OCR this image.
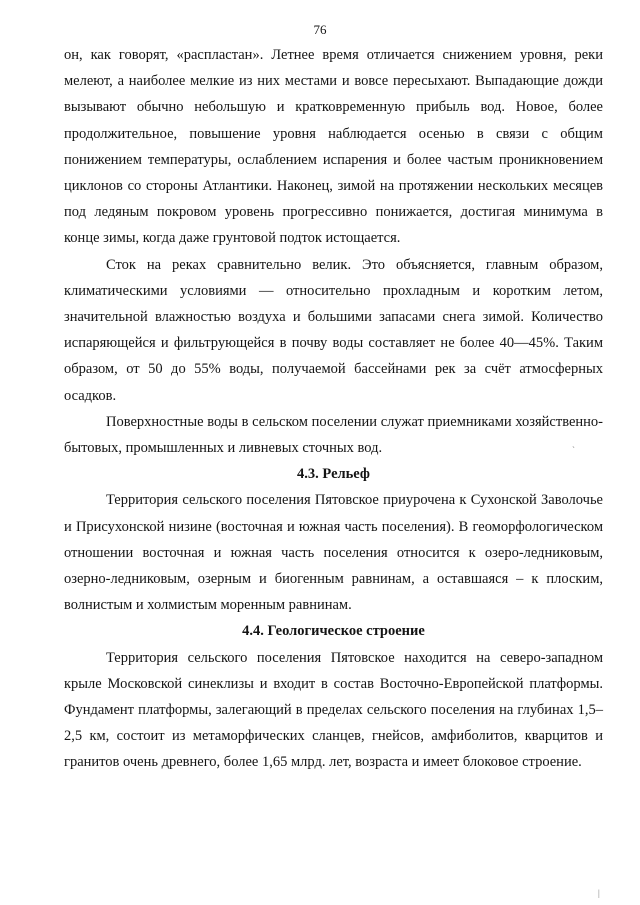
76

он, как говорят, «распластан». Летнее время отличается снижением уровня, реки мелеют, а наиболее мелкие из них местами и вовсе пересыхают. Выпадающие дожди вызывают обычно небольшую и кратковременную прибыль вод. Новое, более продолжительное, повышение уровня наблюдается осенью в связи с общим понижением температуры, ослаблением испарения и более частым проникновением циклонов со стороны Атлантики. Наконец, зимой на протяжении нескольких месяцев под ледяным покровом уровень прогрессивно понижается, достигая минимума в конце зимы, когда даже грунтовой подток истощается.

Сток на реках сравнительно велик. Это объясняется, главным образом, климатическими условиями — относительно прохладным и коротким летом, значительной влажностью воздуха и большими запасами снега зимой. Количество испаряющейся и фильтрующейся в почву воды составляет не более 40—45%. Таким образом, от 50 до 55% воды, получаемой бассейнами рек за счёт атмосферных осадков.

Поверхностные воды в сельском поселении служат приемниками хозяйственно-бытовых, промышленных и ливневых сточных вод.

4.3. Рельеф

Территория сельского поселения Пятовское приурочена к Сухонской Заволочье и Присухонской низине (восточная и южная часть поселения). В геоморфологическом отношении восточная и южная часть поселения относится к озеро-ледниковым, озерно-ледниковым, озерным и биогенным равнинам, а оставшаяся – к плоским, волнистым и холмистым моренным равнинам.

4.4. Геологическое строение

Территория сельского поселения Пятовское находится на северо-западном крыле Московской синеклизы и входит в состав Восточно-Европейской платформы. Фундамент платформы, залегающий в пределах сельского поселения на глубинах 1,5–2,5 км, состоит из метаморфических сланцев, гнейсов, амфиболитов, кварцитов и гранитов очень древнего, более 1,65 млрд. лет, возраста и имеет блоковое строение.

ˏ
|
